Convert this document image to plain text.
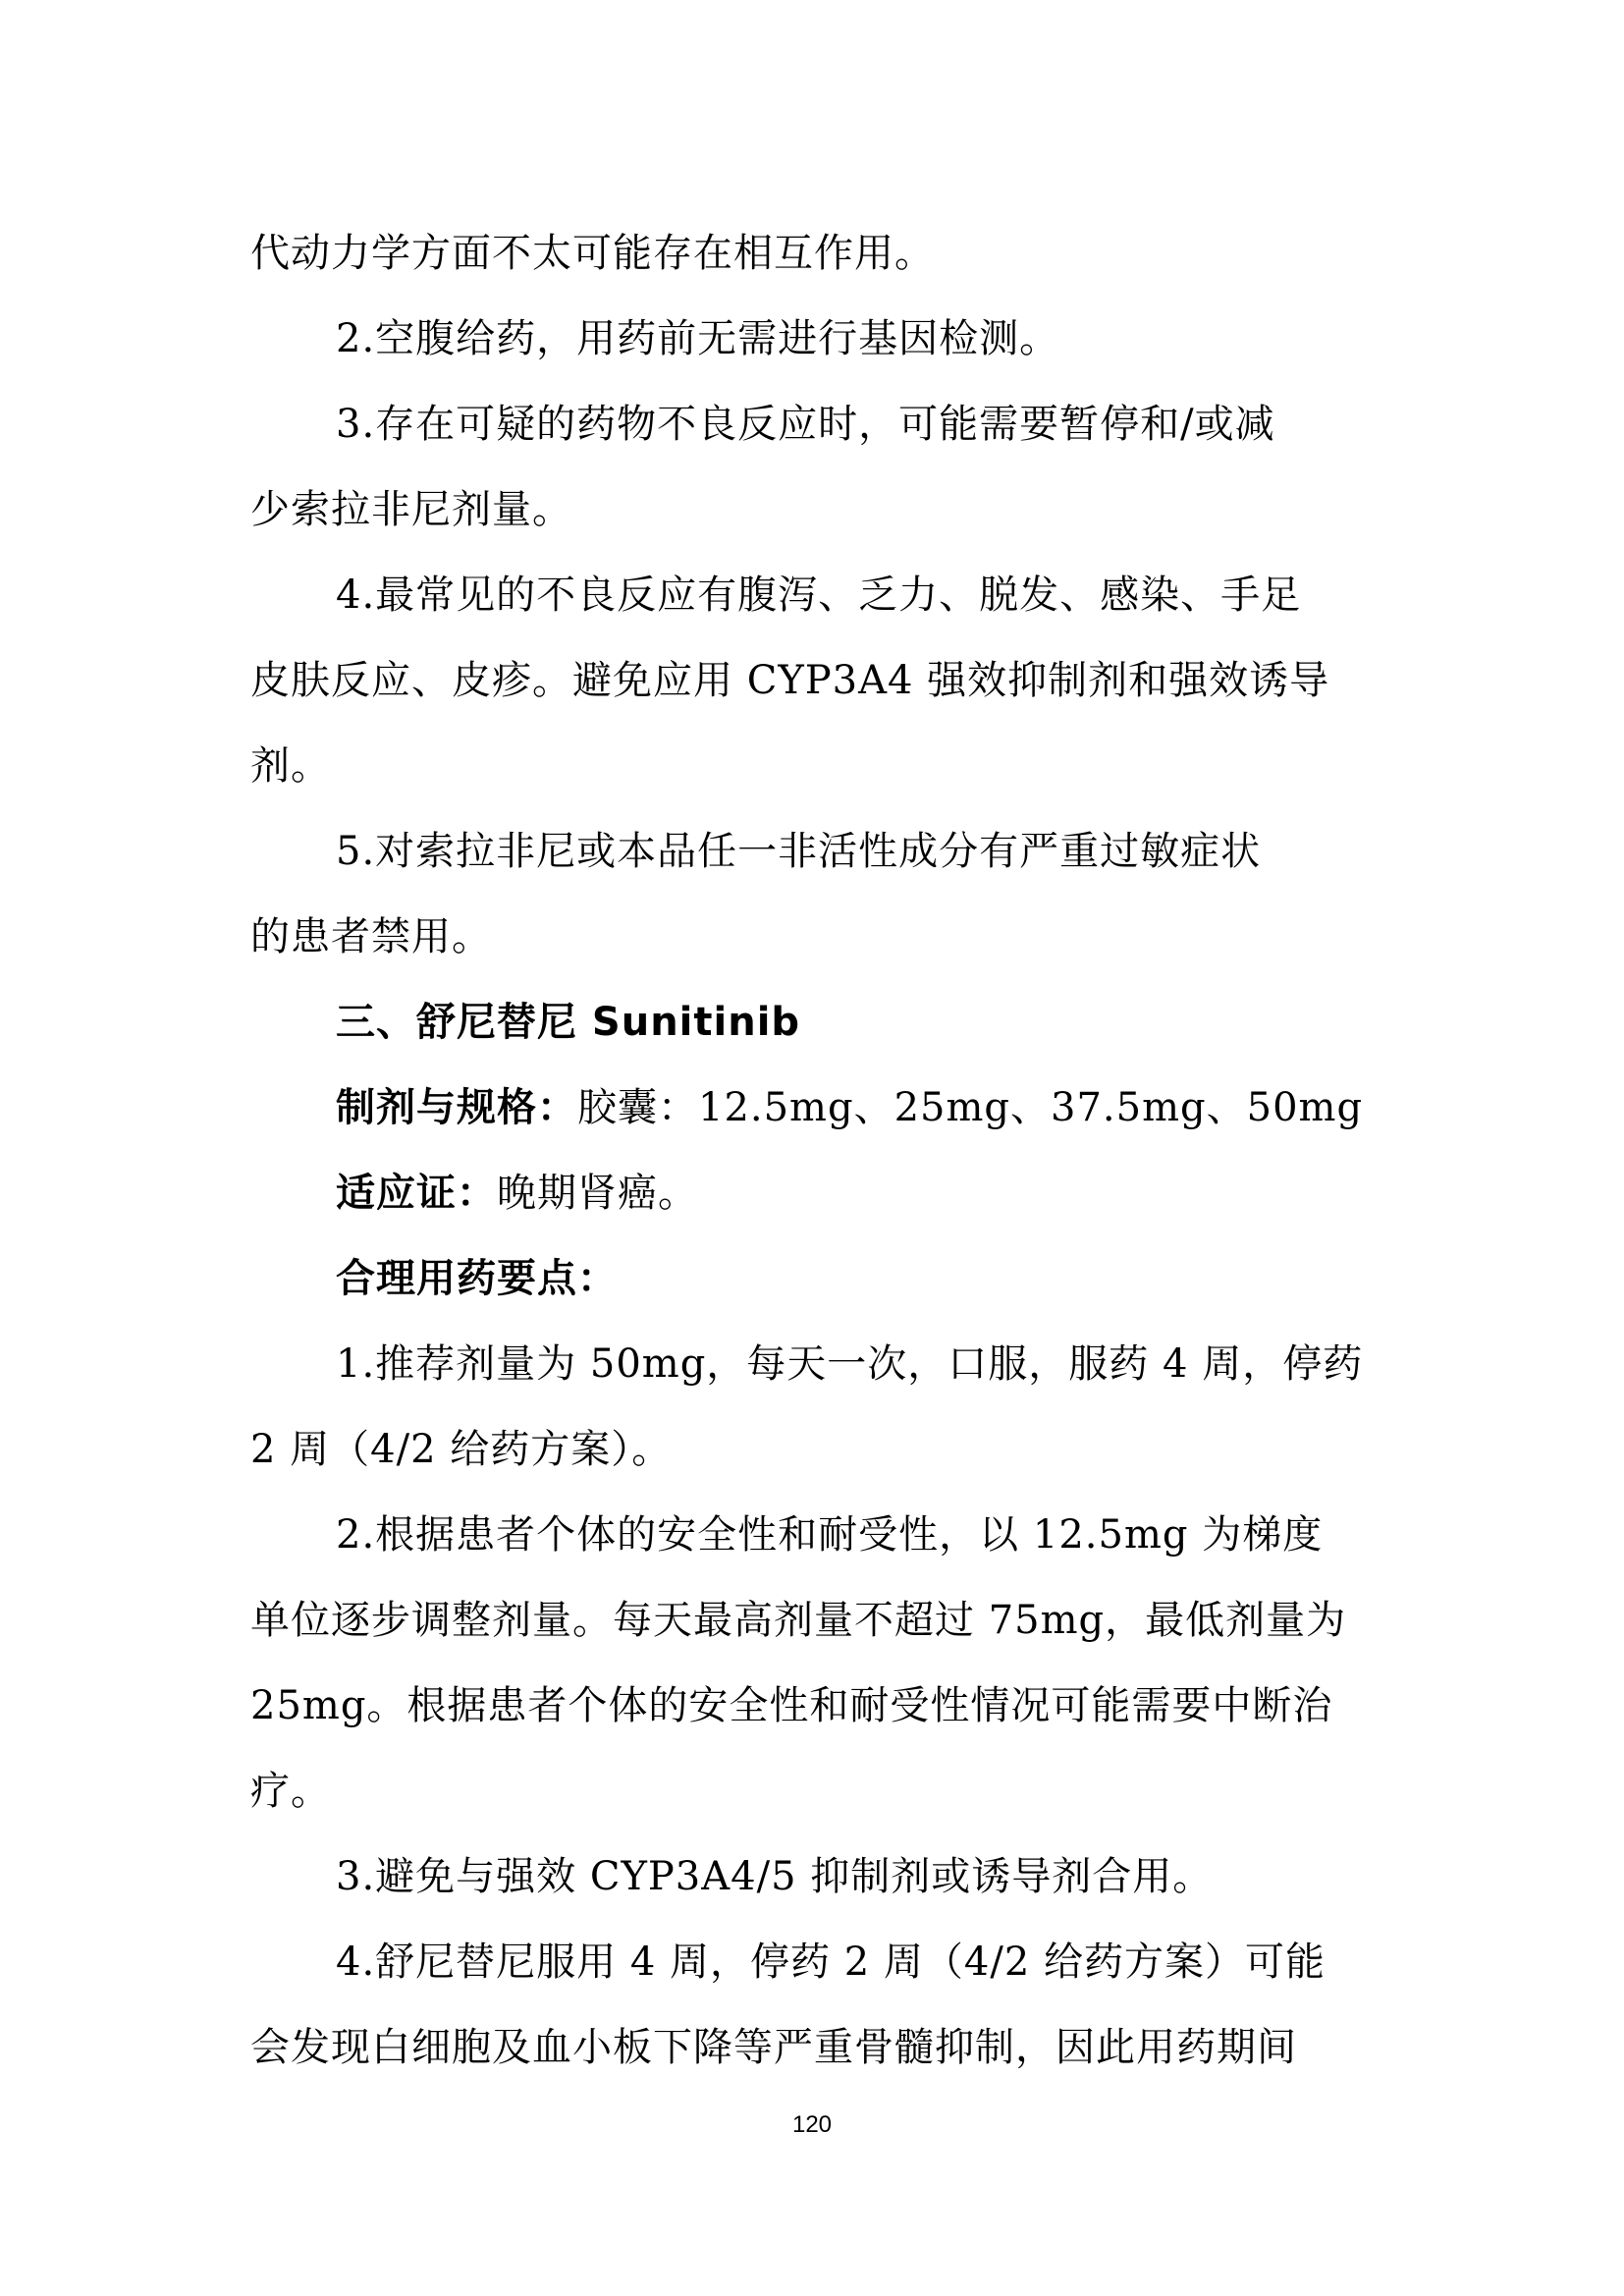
代动力学方面不太可能存在相互作用。
2.空腹给药，用药前无需进行基因检测。
3.存在可疑的药物不良反应时，可能需要暂停和/或减
少索拉非尼剂量。
4.最常见的不良反应有腹泻、乏力、脱发、感染、手足
皮肤反应、皮疹。避免应用 CYP3A4 强效抑制剂和强效诱导
剂。
5.对索拉非尼或本品任一非活性成分有严重过敏症状
的患者禁用。
三、舒尼替尼 Sunitinib
制剂与规格：胶囊：12.5mg、25mg、37.5mg、50mg
适应证：晚期肾癌。
合理用药要点：
1.推荐剂量为 50mg，每天一次，口服，服药 4 周，停药
2 周（4/2 给药方案）。
2.根据患者个体的安全性和耐受性，以 12.5mg 为梯度
单位逐步调整剂量。每天最高剂量不超过 75mg，最低剂量为
25mg。根据患者个体的安全性和耐受性情况可能需要中断治
疗。
3.避免与强效 CYP3A4/5 抑制剂或诱导剂合用。
4.舒尼替尼服用 4 周，停药 2 周（4/2 给药方案）可能
会发现白细胞及血小板下降等严重骨髓抑制，因此用药期间
120
